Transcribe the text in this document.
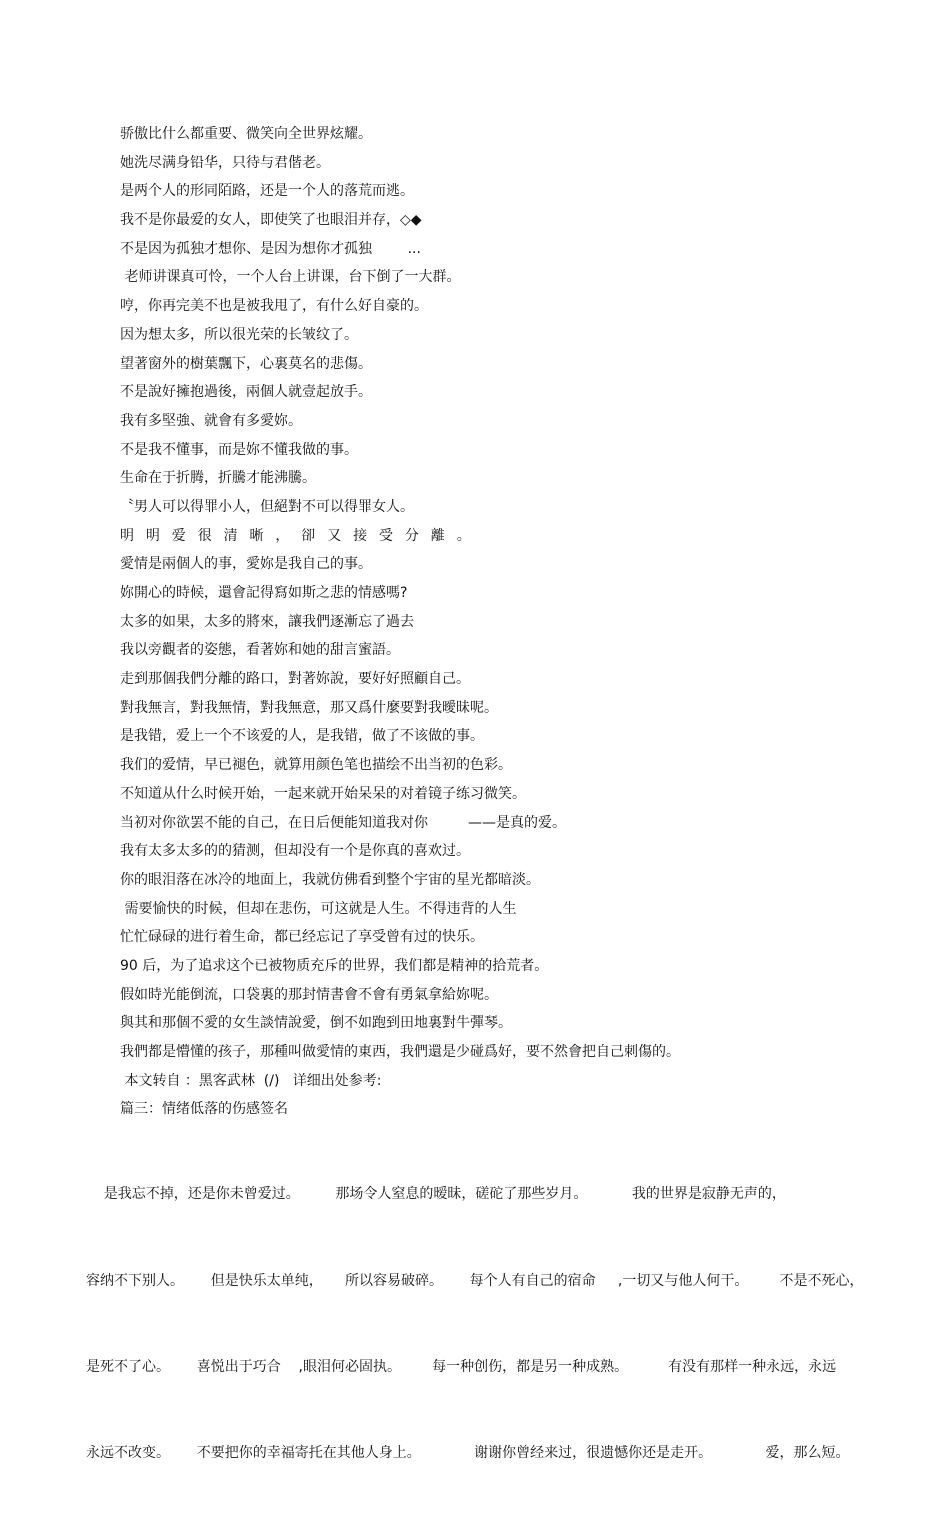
骄傲比什么都重要、微笑向全世界炫耀。
她洗尽满身铅华，只待与君偕老。
是两个人的形同陌路，还是一个人的落荒而逃。
我不是你最爱的女人，即使笑了也眼泪并存，◇◆
不是因为孤独才想你、是因为想你才孤独        ...
老师讲课真可怜，一个人台上讲课，台下倒了一大群。
哼，你再完美不也是被我甩了，有什么好自豪的。
因为想太多，所以很光荣的长皱纹了。
望著窗外的樹葉飄下，心裏莫名的悲傷。
不是說好擁抱過後，兩個人就壹起放手。
我有多堅強、就會有多愛妳。
不是我不懂事，而是妳不懂我做的事。
生命在于折腾，折騰才能沸騰。
〝男人可以得罪小人，但絕對不可以得罪女人。
明明爱很清晰，卻又接受分離。
愛情是兩個人的事，愛妳是我自己的事。
妳開心的時候，還會記得寫如斯之悲的情感嗎?
太多的如果，太多的將來，讓我們逐漸忘了過去
我以旁觀者的姿態，看著妳和她的甜言蜜語。
走到那個我們分離的路口，對著妳說，要好好照顧自己。
對我無言，對我無情，對我無意，那又爲什麼要對我曖昧呢。
是我错，爱上一个不该爱的人，是我错，做了不该做的事。
我们的爱情，早已褪色，就算用颜色笔也描绘不出当初的色彩。
不知道从什么时候开始，一起来就开始呆呆的对着镜子练习微笑。
当初对你欲罢不能的自己，在日后便能知道我对你         ——是真的爱。
我有太多太多的的猜测，但却没有一个是你真的喜欢过。
你的眼泪落在冰冷的地面上，我就仿佛看到整个宇宙的星光都暗淡。
需要愉快的时候，但却在悲伤，可这就是人生。不得违背的人生
忙忙碌碌的进行着生命，都已经忘记了享受曾有过的快乐。
90 后，为了追求这个已被物质充斥的世界，我们都是精神的拾荒者。
假如時光能倒流，口袋裏的那封情書會不會有勇氣拿給妳呢。
與其和那個不愛的女生談情說愛，倒不如跑到田地裏對牛彈琴。
我們都是懵懂的孩子，那種叫做愛情的東西，我們還是少碰爲好，要不然會把自己刺傷的。
本文转自 ：黑客武林  (/)   详细出处参考:
篇三：情绪低落的伤感签名

是我忘不掉，还是你未曾爱过。        那场令人窒息的暧昧，磋砣了那些岁月。          我的世界是寂静无声的，

容纳不下别人。      但是快乐太单纯，     所以容易破碎。      每个人有自己的宿命     ,一切又与他人何干。       不是不死心，

是死不了心。      喜悦出于巧合    ,眼泪何必固执。       每一种创伤，都是另一种成熟。         有没有那样一种永远，永远

永远不改变。      不要把你的幸福寄托在其他人身上。            谢谢你曾经来过，很遗憾你还是走开。            爱，那么短。
